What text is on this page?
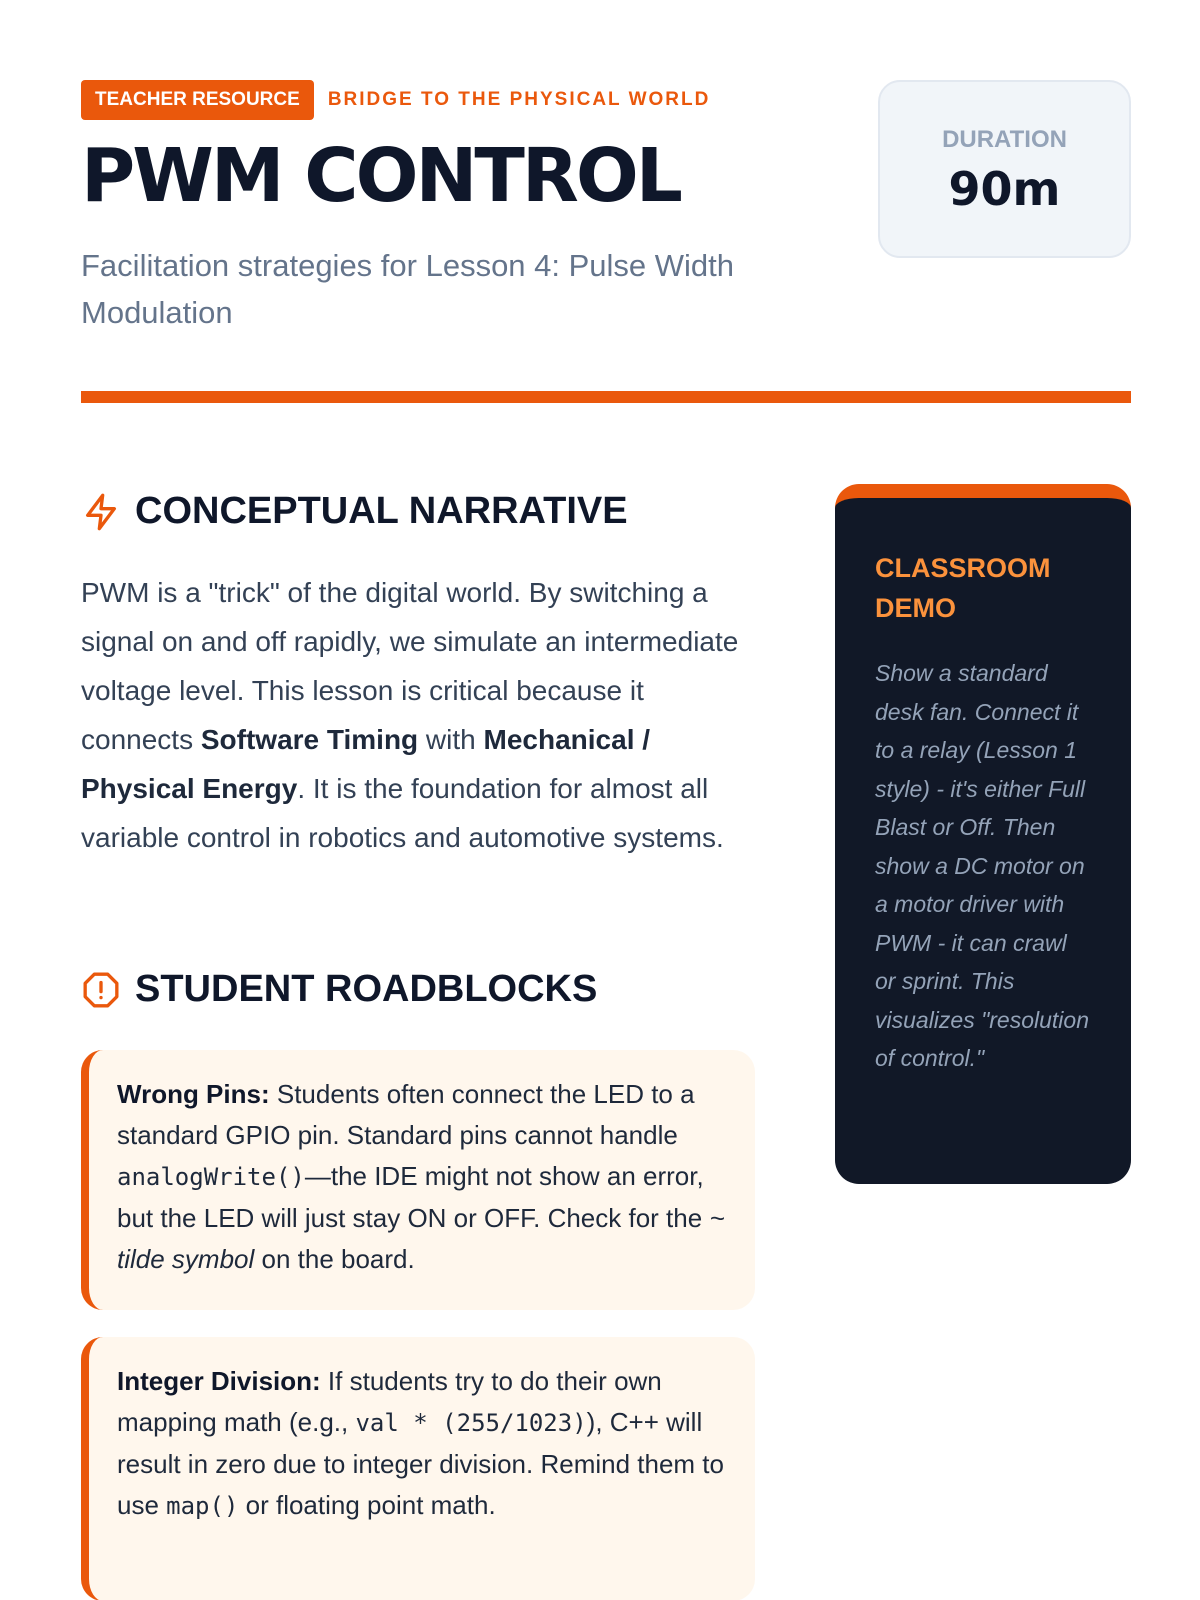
TEACHER RESOURCE	BRIDGE TO THE PHYSICAL WORLD
PWM CONTROL

Facilitation strategies for Lesson 4: Pulse Width Modulation

DURATION
90m
CONCEPTUAL NARRATIVE

PWM is a "trick" of the digital world. By switching a signal on and off rapidly, we simulate an intermediate voltage level. This lesson is critical because it connects Software Timing with Mechanical / Physical Energy. It is the foundation for almost all variable control in robotics and automotive systems.

STUDENT ROADBLOCKS
Wrong Pins: Students often connect the LED to a standard GPIO pin. Standard pins cannot handle analogWrite()—the IDE might not show an error, but the LED will just stay ON or OFF. Check for the ~ tilde symbol on the board.
Integer Division: If students try to do their own mapping math (e.g., val * (255/1023)), C++ will result in zero due to integer division. Remind them to use map() or floating point math.
CLASSROOM DEMO
Show a standard desk fan. Connect it to a relay (Lesson 1 style) - it's either Full Blast or Off. Then show a DC motor on a motor driver with PWM - it can crawl or sprint. This visualizes "resolution of control."
